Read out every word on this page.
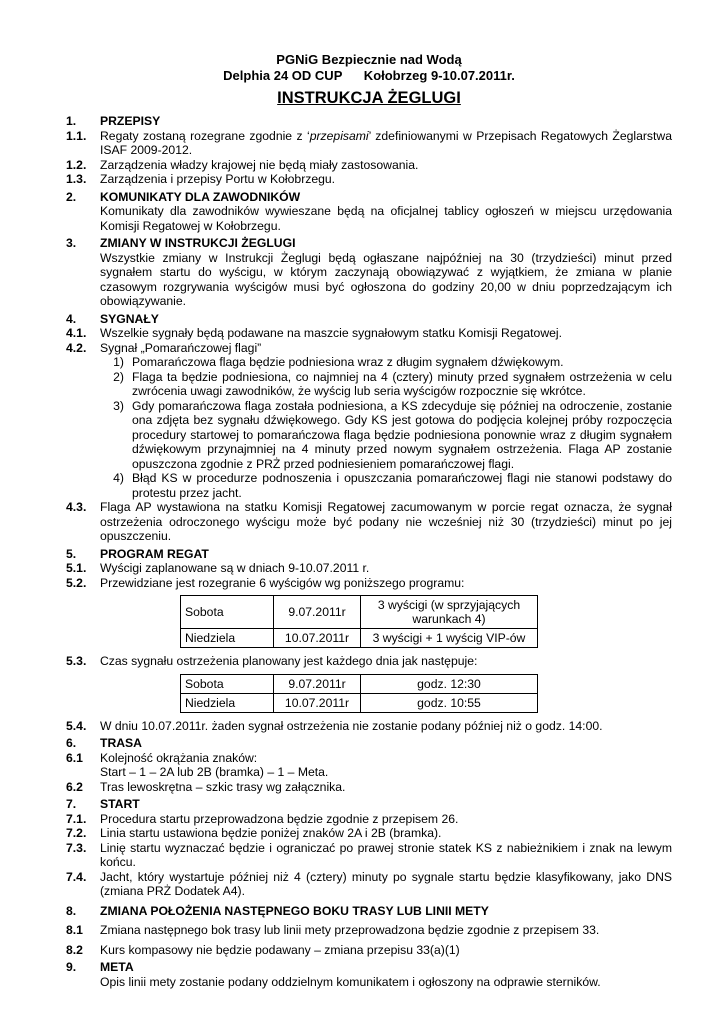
PGNiG Bezpiecznie nad Wodą
Delphia 24 OD CUP      Kołobrzeg 9-10.07.2011r.
INSTRUKCJA ŻEGLUGI
1.	PRZEPISY
1.1.	Regaty zostaną rozegrane zgodnie z ‘przepisami’ zdefiniowanymi w Przepisach Regatowych Żeglarstwa ISAF 2009-2012.
1.2.	Zarządzenia władzy krajowej nie będą miały zastosowania.
1.3.	Zarządzenia i przepisy Portu w Kołobrzegu.
2.	KOMUNIKATY DLA ZAWODNIKÓW
Komunikaty dla zawodników wywieszane będą na oficjalnej tablicy ogłoszeń w miejscu urzędowania Komisji Regatowej w Kołobrzegu.
3.	ZMIANY W INSTRUKCJI ŻEGLUGI
Wszystkie zmiany w Instrukcji Żeglugi będą ogłaszane najpóźniej na 30 (trzydzieści) minut przed sygnałem startu do wyścigu, w którym zaczynają obowiązywać z wyjątkiem, że zmiana w planie czasowym rozgrywania wyścigów musi być ogłoszona do godziny 20,00 w dniu poprzedzającym ich obowiązywanie.
4.	SYGNAŁY
4.1.	Wszelkie sygnały będą podawane na maszcie sygnałowym statku Komisji Regatowej.
4.2.	Sygnał „Pomarańczowej flagi”
1) Pomarańczowa flaga będzie podniesiona wraz z długim sygnałem dźwiękowym.
2) Flaga ta będzie podniesiona, co najmniej na 4 (cztery) minuty przed sygnałem ostrzeżenia w celu zwrócenia uwagi zawodników, że wyścig lub seria wyścigów rozpocznie się wkrótce.
3) Gdy pomarańczowa flaga została podniesiona, a KS zdecyduje się później na odroczenie, zostanie ona zdjęta bez sygnału dźwiękowego. Gdy KS jest gotowa do podjęcia kolejnej próby rozpoczęcia procedury startowej to pomarańczowa flaga będzie podniesiona ponownie wraz z długim sygnałem dźwiękowym przynajmniej na 4 minuty przed nowym sygnałem ostrzeżenia. Flaga AP zostanie opuszczona zgodnie z PRŻ przed podniesieniem pomarańczowej flagi.
4) Błąd KS w procedurze podnoszenia i opuszczania pomarańczowej flagi nie stanowi podstawy do protestu przez jacht.
4.3.	Flaga AP wystawiona na statku Komisji Regatowej zacumowanym w porcie regat oznacza, że sygnał ostrzeżenia odroczonego wyścigu może być podany nie wcześniej niż 30 (trzydzieści) minut po jej opuszczeniu.
5.	PROGRAM REGAT
5.1.	Wyścigi zaplanowane są w dniach 9-10.07.2011 r.
5.2.	Przewidziane jest rozegranie 6 wyścigów wg poniższego programu:
Sobota	9.07.2011r	3 wyścigi (w sprzyjających warunkach 4)
Niedziela	10.07.2011r	3 wyścigi + 1 wyścig VIP-ów
5.3.	Czas sygnału ostrzeżenia planowany jest każdego dnia jak następuje:
Sobota	9.07.2011r	godz. 12:30
Niedziela	10.07.2011r	godz. 10:55
5.4.	W dniu 10.07.2011r. żaden sygnał ostrzeżenia nie zostanie podany później niż o godz. 14:00.
6.	TRASA
6.1	Kolejność okrążania znaków:
Start – 1 – 2A lub 2B (bramka) – 1 – Meta.
6.2	Tras lewoskrętna – szkic trasy wg załącznika.
7.	START
7.1.	Procedura startu przeprowadzona będzie zgodnie z przepisem 26.
7.2.	Linia startu ustawiona będzie poniżej znaków 2A i 2B (bramka).
7.3.	Linię startu wyznaczać będzie i ograniczać po prawej stronie statek KS z nabieżnikiem i znak na lewym końcu.
7.4.	Jacht, który wystartuje później niż 4 (cztery) minuty po sygnale startu będzie klasyfikowany, jako DNS (zmiana PRŻ Dodatek A4).
8.	ZMIANA POŁOŻENIA NASTĘPNEGO BOKU TRASY LUB LINII METY
8.1	Zmiana następnego bok trasy lub linii mety przeprowadzona będzie zgodnie z przepisem 33.
8.2	Kurs kompasowy nie będzie podawany – zmiana przepisu 33(a)(1)
9.	META
Opis linii mety zostanie podany oddzielnym komunikatem i ogłoszony na odprawie sterników.
